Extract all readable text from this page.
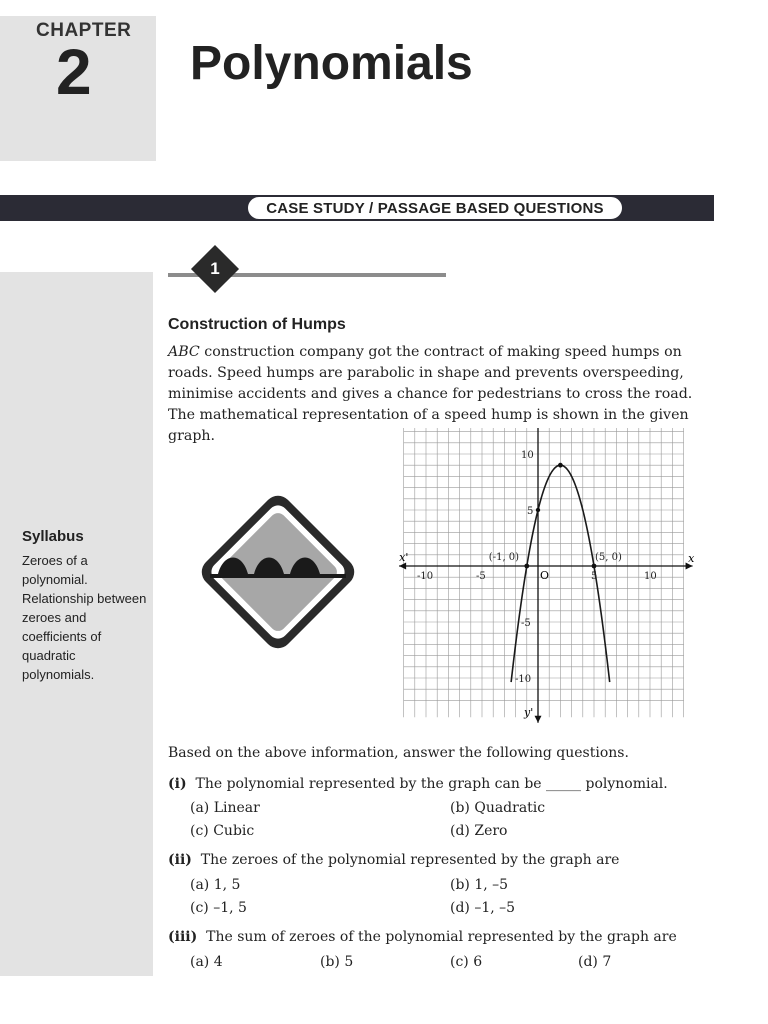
CHAPTER
2 Polynomials
CASE STUDY / PASSAGE BASED QUESTIONS
1
Construction of Humps
ABC construction company got the contract of making speed humps on roads. Speed humps are parabolic in shape and prevents overspeeding, minimise accidents and gives a chance for pedestrians to cross the road. The mathematical representation of a speed hump is shown in the given graph.
Syllabus
Zeroes of a polynomial. Relationship between zeroes and coefficients of quadratic polynomials.
x
x'
y'
O
-10	-5	5	10
10
5
-5
-10
(-1, 0)	(5, 0)
Based on the above information, answer the following questions.
(i) The polynomial represented by the graph can be _____ polynomial.
(a) Linear	(b) Quadratic
(c) Cubic	(d) Zero
(ii) The zeroes of the polynomial represented by the graph are
(a) 1, 5	(b) 1, –5
(c) –1, 5	(d) –1, –5
(iii) The sum of zeroes of the polynomial represented by the graph are
(a) 4	(b) 5	(c) 6	(d) 7
